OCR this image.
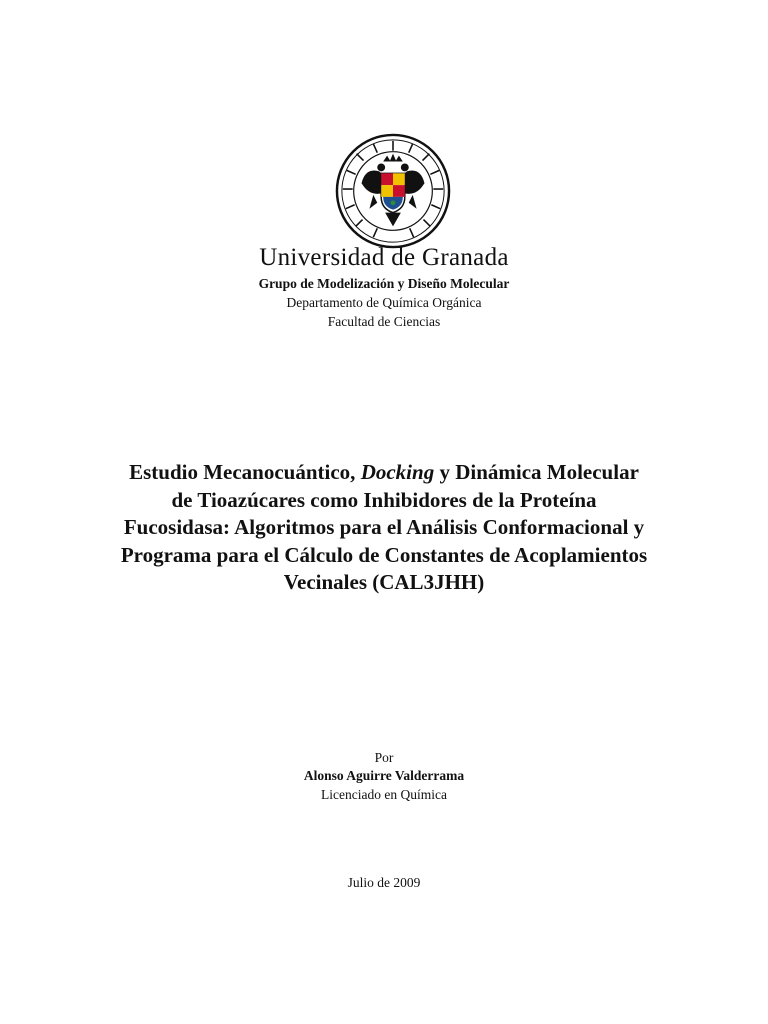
Universidad de Granada
Grupo de Modelización y Diseño Molecular
Departamento de Química Orgánica
Facultad de Ciencias
Estudio Mecanocuántico, Docking y Dinámica Molecular de Tioazúcares como Inhibidores de la Proteína Fucosidasa: Algoritmos para el Análisis Conformacional y Programa para el Cálculo de Constantes de Acoplamientos Vecinales (CAL3JHH)
Por
Alonso Aguirre Valderrama
Licenciado en Química
Julio de 2009
